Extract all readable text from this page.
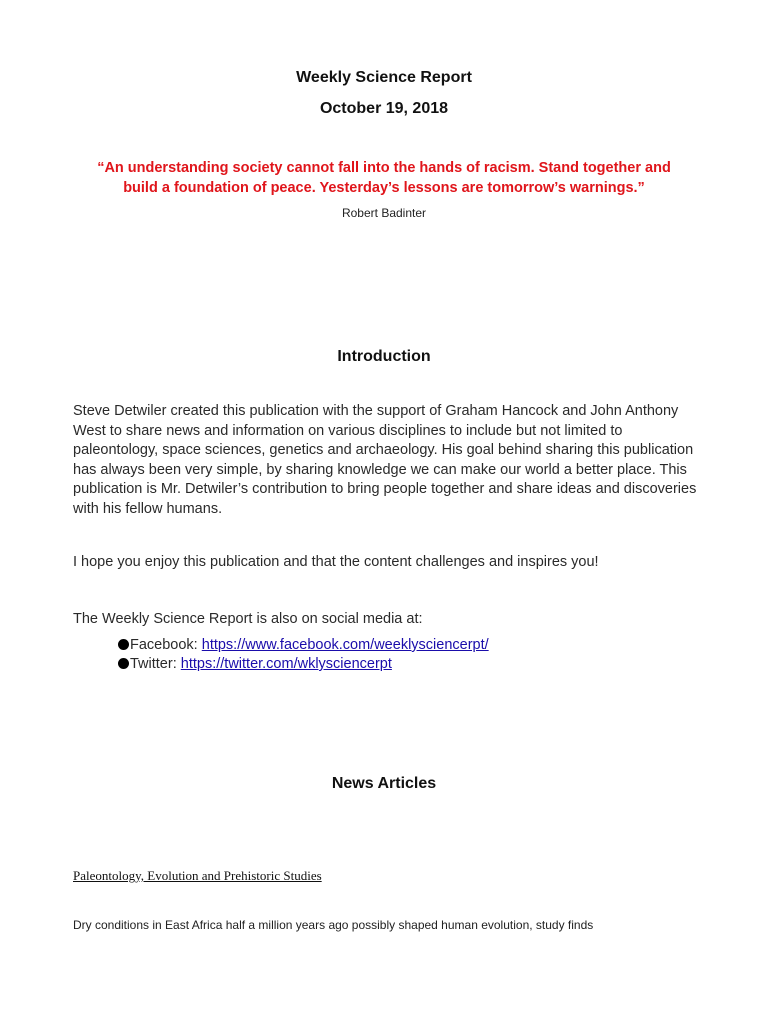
Weekly Science Report
October 19, 2018
“An understanding society cannot fall into the hands of racism. Stand together and
build a foundation of peace. Yesterday’s lessons are tomorrow’s warnings.”
Robert Badinter
Introduction
Steve Detwiler created this publication with the support of Graham Hancock and John Anthony West to share news and information on various disciplines to include but not limited to paleontology, space sciences, genetics and archaeology. His goal behind sharing this publication has always been very simple, by sharing knowledge we can make our world a better place. This publication is Mr. Detwiler’s contribution to bring people together and share ideas and discoveries with his fellow humans.
I hope you enjoy this publication and that the content challenges and inspires you!
The Weekly Science Report is also on social media at:
Facebook: https://www.facebook.com/weeklysciencerpt/
Twitter: https://twitter.com/wklysciencerpt
News Articles
Paleontology, Evolution and Prehistoric Studies
Dry conditions in East Africa half a million years ago possibly shaped human evolution, study finds
